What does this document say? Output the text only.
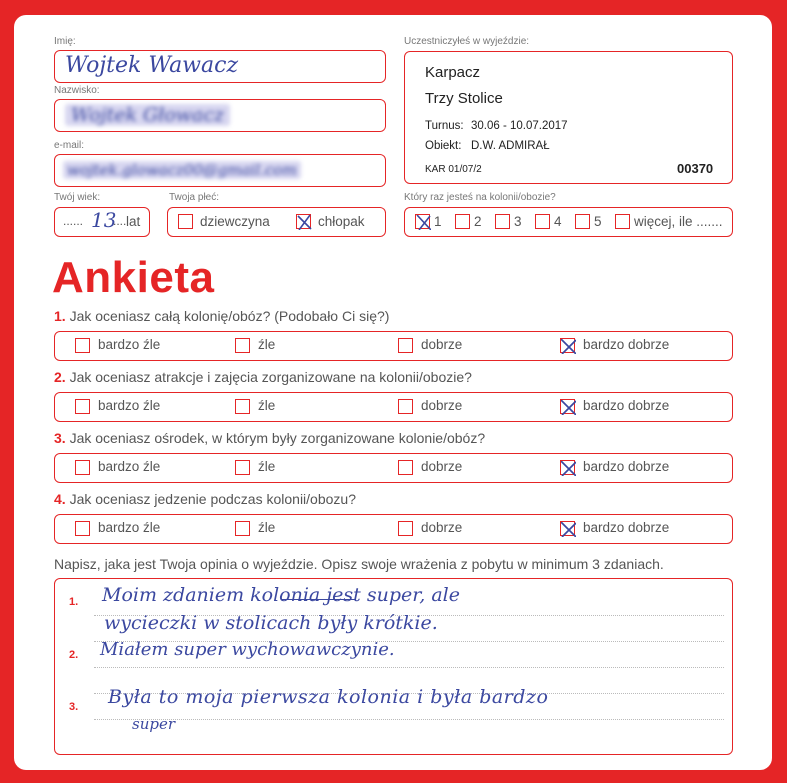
Imię:
Wojtek Wawacz
Nazwisko:
Wojtek Głowacz
e-mail:
wojtek.glowacz00@gmail.com
Twój wiek:
...... 13
.... lat
Twoja płeć:
dziewczyna	chłopak
Uczestniczyłeś w wyjeździe:
Karpacz
Trzy Stolice
Turnus: 30.06 - 10.07.2017
Obiekt: D.W. ADMIRAŁ
KAR 01/07/2	00370
Który raz jesteś na kolonii/obozie?
1 2 3 4 5 więcej, ile .......
Ankieta
1. Jak oceniasz całą kolonię/obóz? (Podobało Ci się?)
bardzo źle	źle	dobrze	bardzo dobrze
2. Jak oceniasz atrakcje i zajęcia zorganizowane na kolonii/obozie?
bardzo źle	źle	dobrze	bardzo dobrze
3. Jak oceniasz ośrodek, w którym były zorganizowane kolonie/obóz?
bardzo źle	źle	dobrze	bardzo dobrze
4. Jak oceniasz jedzenie podczas kolonii/obozu?
bardzo źle	źle	dobrze	bardzo dobrze
Napisz, jaka jest Twoja opinia o wyjeździe. Opisz swoje wrażenia z pobytu w minimum 3 zdaniach.
1.
2.
3.
Moim zdaniem kolonia jest super, ale
wycieczki w stolicach były krótkie.
Miałem super wychowawczynie.
Była to moja pierwsza kolonia i była bardzo
super
